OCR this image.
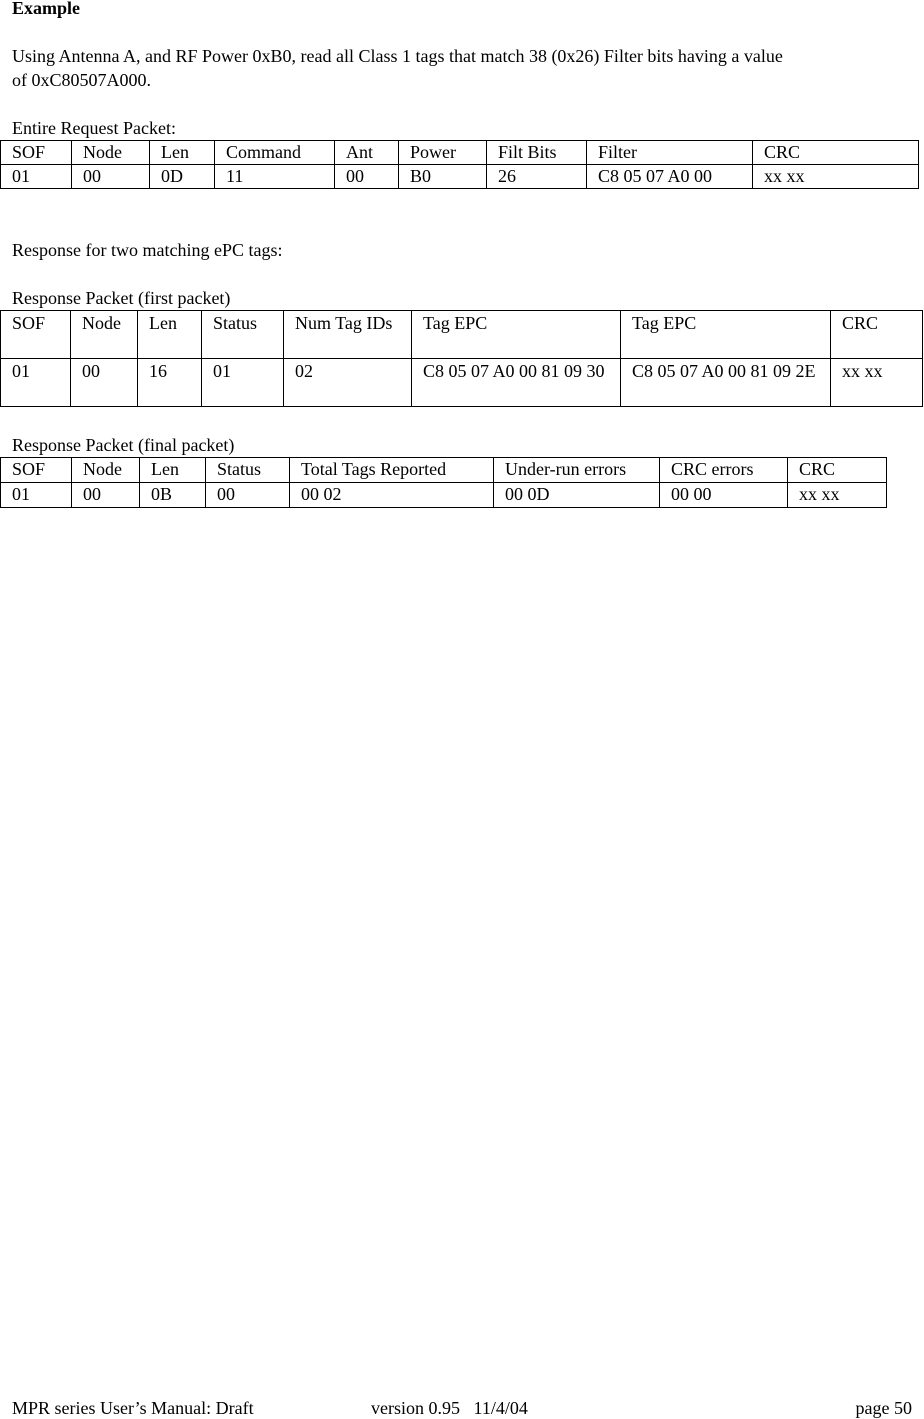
Example
Using Antenna A, and RF Power 0xB0, read all Class 1 tags that match 38 (0x26) Filter bits having a value
of 0xC80507A000.
Entire Request Packet:
SOF	Node	Len	Command	Ant	Power	Filt Bits	Filter	CRC
01	00	0D	11	00	B0	26	C8 05 07 A0 00	xx xx
Response for two matching ePC tags:
Response Packet (first packet)
SOF	Node	Len	Status	Num Tag IDs	Tag EPC	Tag EPC	CRC
01	00	16	01	02	C8 05 07 A0 00 81 09 30	C8 05 07 A0 00 81 09 2E	xx xx
Response Packet (final packet)
SOF	Node	Len	Status	Total Tags Reported	Under-run errors	CRC errors	CRC
01	00	0B	00	00 02	00 0D	00 00	xx xx
MPR series User’s Manual: Draft	version 0.95   11/4/04	page 50
